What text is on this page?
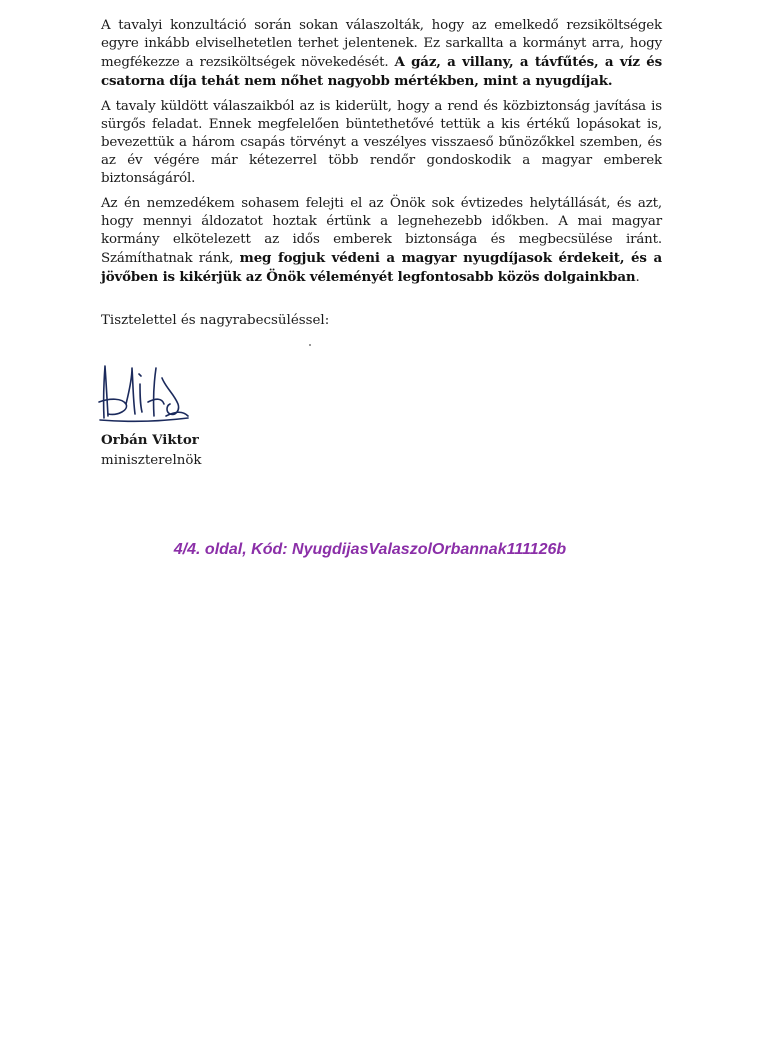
A tavalyi konzultáció során sokan válaszolták, hogy az emelkedő rezsiköltségek egyre inkább elviselhetetlen terhet jelentenek. Ez sarkallta a kormányt arra, hogy megfékezze a rezsiköltségek növekedését. A gáz, a villany, a távfűtés, a víz és csatorna díja tehát nem nőhet nagyobb mértékben, mint a nyugdíjak.

A tavaly küldött válaszaikból az is kiderült, hogy a rend és közbiztonság javítása is sürgős feladat. Ennek megfelelően büntethetővé tettük a kis értékű lopásokat is, bevezettük a három csapás törvényt a veszélyes visszaeső bűnözőkkel szemben, és az év végére már kétezerrel több rendőr gondoskodik a magyar emberek biztonságáról.

Az én nemzedékem sohasem felejti el az Önök sok évtizedes helytállását, és azt, hogy mennyi áldozatot hoztak értünk a legnehezebb időkben. A mai magyar kormány elkötelezett az idős emberek biztonsága és megbecsülése iránt. Számíthatnak ránk, meg fogjuk védeni a magyar nyugdíjasok érdekeit, és a jövőben is kikérjük az Önök véleményét legfontosabb közös dolgainkban.

Tisztelettel és nagyrabecsüléssel:
Orbán Viktor
miniszterelnök
4/4. oldal, Kód: NyugdijasValaszolOrbannak111126b
